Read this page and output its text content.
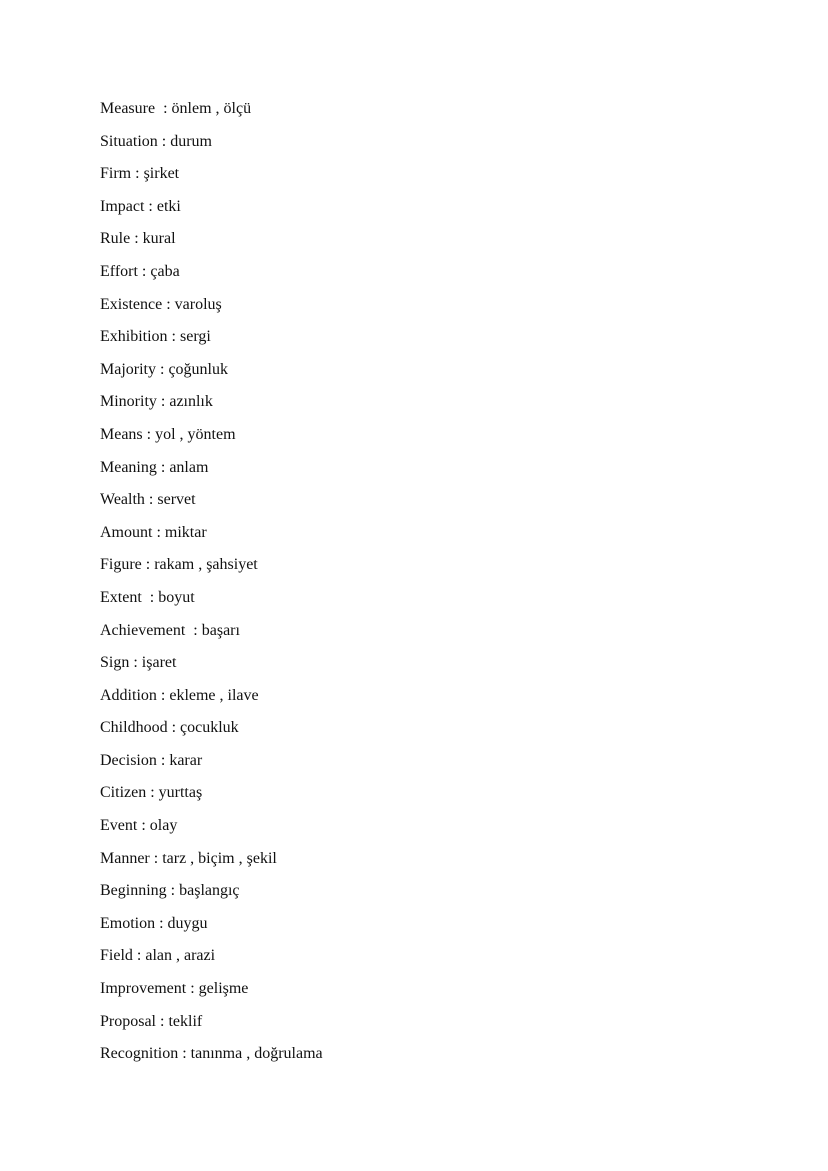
Measure  : önlem , ölçü
Situation : durum
Firm : şirket
Impact : etki
Rule : kural
Effort : çaba
Existence : varoluş
Exhibition : sergi
Majority : çoğunluk
Minority : azınlık
Means : yol , yöntem
Meaning : anlam
Wealth : servet
Amount : miktar
Figure : rakam , şahsiyet
Extent  : boyut
Achievement  : başarı
Sign : işaret
Addition : ekleme , ilave
Childhood : çocukluk
Decision : karar
Citizen : yurttaş
Event : olay
Manner : tarz , biçim , şekil
Beginning : başlangıç
Emotion : duygu
Field : alan , arazi
Improvement : gelişme
Proposal : teklif
Recognition : tanınma , doğrulama
